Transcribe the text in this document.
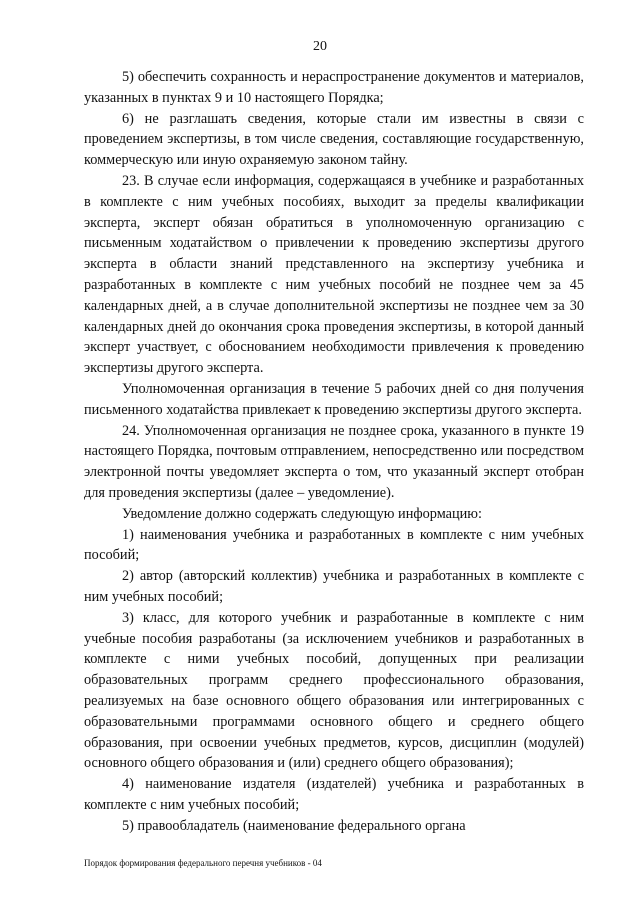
20

5) обеспечить сохранность и нераспространение документов и материалов, указанных в пунктах 9 и 10 настоящего Порядка;

6) не разглашать сведения, которые стали им известны в связи с проведением экспертизы, в том числе сведения, составляющие государственную, коммерческую или иную охраняемую законом тайну.

23. В случае если информация, содержащаяся в учебнике и разработанных в комплекте с ним учебных пособиях, выходит за пределы квалификации эксперта, эксперт обязан обратиться в уполномоченную организацию с письменным ходатайством о привлечении к проведению экспертизы другого эксперта в области знаний представленного на экспертизу учебника и разработанных в комплекте с ним учебных пособий не позднее чем за 45 календарных дней, а в случае дополнительной экспертизы не позднее чем за 30 календарных дней до окончания срока проведения экспертизы, в которой данный эксперт участвует, с обоснованием необходимости привлечения к проведению экспертизы другого эксперта.

Уполномоченная организация в течение 5 рабочих дней со дня получения письменного ходатайства привлекает к проведению экспертизы другого эксперта.

24. Уполномоченная организация не позднее срока, указанного в пункте 19 настоящего Порядка, почтовым отправлением, непосредственно или посредством электронной почты уведомляет эксперта о том, что указанный эксперт отобран для проведения экспертизы (далее – уведомление).

Уведомление должно содержать следующую информацию:

1) наименования учебника и разработанных в комплекте с ним учебных пособий;

2) автор (авторский коллектив) учебника и разработанных в комплекте с ним учебных пособий;

3) класс, для которого учебник и разработанные в комплекте с ним учебные пособия разработаны (за исключением учебников и разработанных в комплекте с ними учебных пособий, допущенных при реализации образовательных программ среднего профессионального образования, реализуемых на базе основного общего образования или интегрированных с образовательными программами основного общего и среднего общего образования, при освоении учебных предметов, курсов, дисциплин (модулей) основного общего образования и (или) среднего общего образования);

4) наименование издателя (издателей) учебника и разработанных в комплекте с ним учебных пособий;

5) правообладатель (наименование федерального органа

Порядок формирования федерального перечня учебников - 04
